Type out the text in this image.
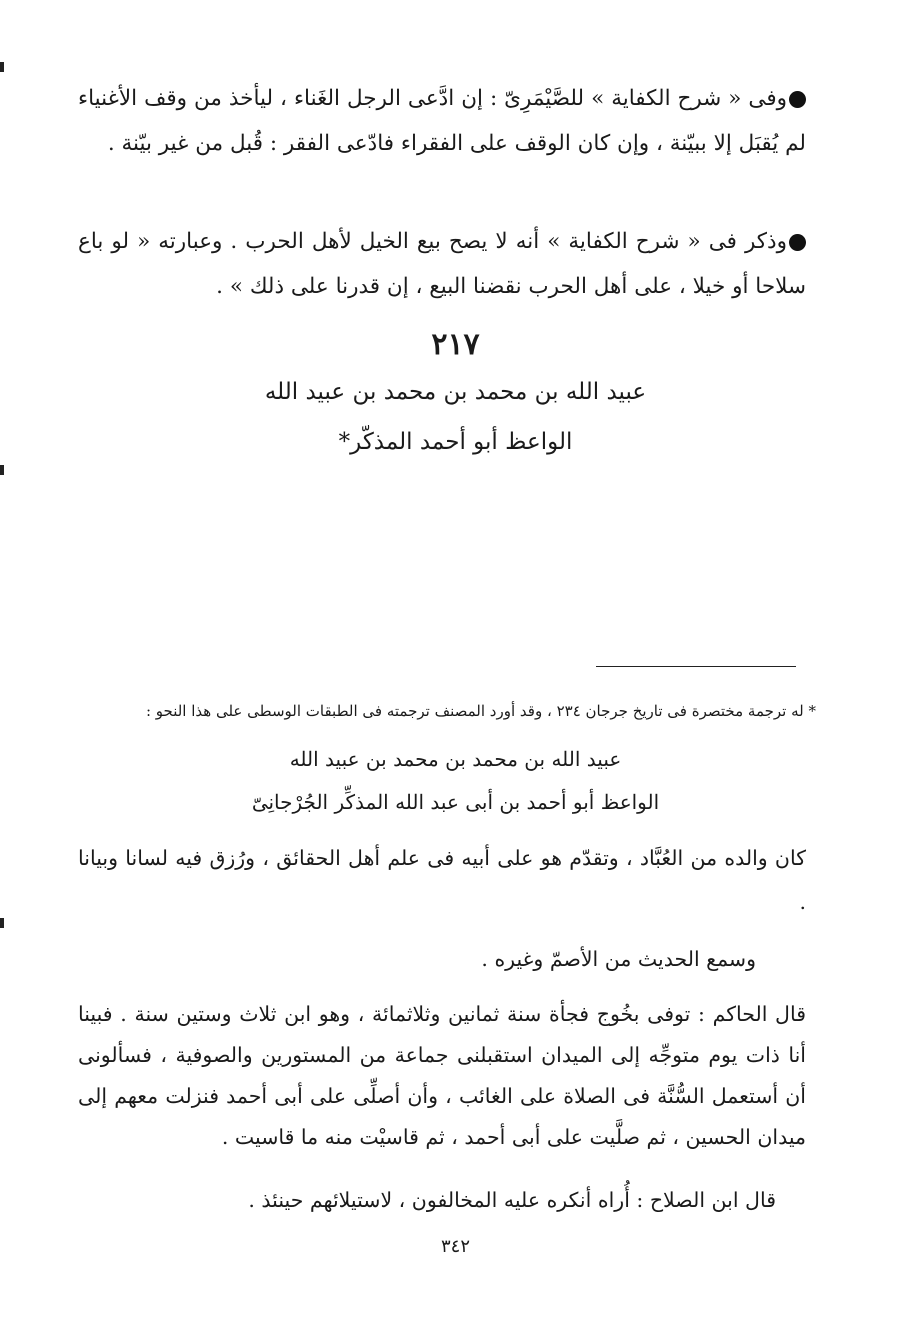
وفى « شرح الكفاية » للصَّيْمَرِىّ : إن ادَّعى الرجل الغَناء ، ليأخذ من وقف الأغنياء لم يُقبَل إلا ببيّنة ، وإن كان الوقف على الفقراء فادّعى الفقر : قُبل من غير بيّنة .
وذكر فى « شرح الكفاية » أنه لا يصح بيع الخيل لأهل الحرب . وعبارته « لو باع سلاحا أو خيلا ، على أهل الحرب نقضنا البيع ، إن قدرنا على ذلك » .
٢١٧
عبيد الله بن محمد بن محمد بن عبيد الله
الواعظ أبو أحمد المذكّر*
* له ترجمة مختصرة فى تاريخ جرجان ٢٣٤ ، وقد أورد المصنف ترجمته فى الطبقات الوسطى على هذا النحو :
عبيد الله بن محمد بن محمد بن عبيد الله
الواعظ أبو أحمد بن أبى عبد الله المذكِّر الجُرْجانِىّ
كان والده من العُبَّاد ، وتقدّم هو على أبيه فى علم أهل الحقائق ، ورُزق فيه لسانا وبيانا .
وسمع الحديث من الأصمّ وغيره .
قال الحاكم : توفى بخُوج فجأة سنة ثمانين وثلاثمائة ، وهو ابن ثلاث وستين سنة . فبينا أنا ذات يوم متوجِّه إلى الميدان استقبلنى جماعة من المستورين والصوفية ، فسألونى أن أستعمل السُّنَّة فى الصلاة على الغائب ، وأن أصلِّى على أبى أحمد فنزلت معهم إلى ميدان الحسين ، ثم صلَّيت على أبى أحمد ، ثم قاسيْت منه ما قاسيت .
قال ابن الصلاح : أُراه أنكره عليه المخالفون ، لاستيلائهم حينئذ .
٣٤٢
